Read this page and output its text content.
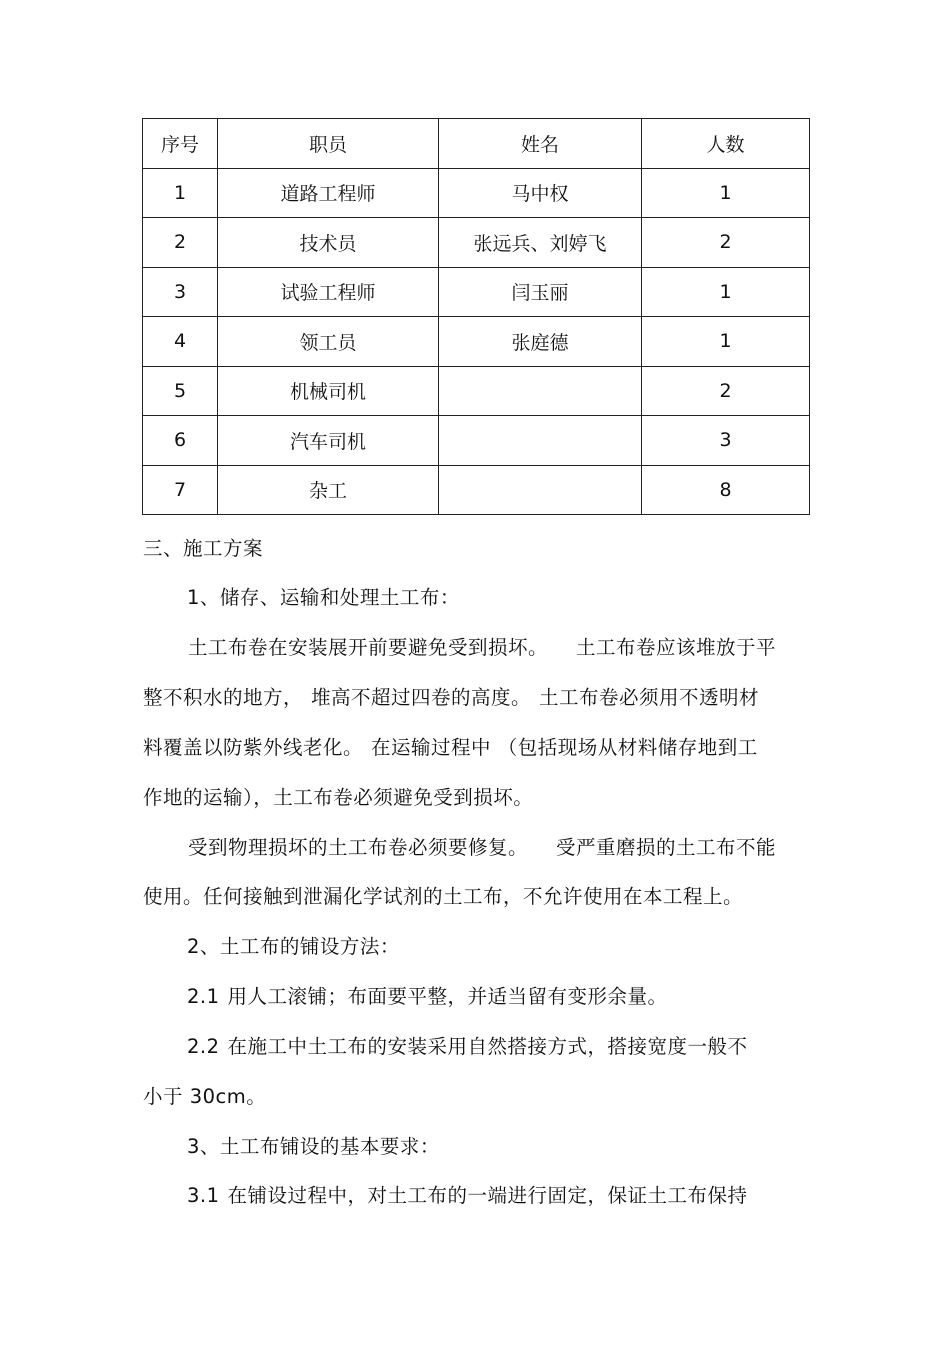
序号	职员	姓名	人数
1	道路工程师	马中权	1
2	技术员	张远兵、刘婷飞	2
3	试验工程师	闫玉丽	1
4	领工员	张庭德	1
5	机械司机		2
6	汽车司机		3
7	杂工		8
三、施工方案
1、储存、运输和处理土工布：
土工布卷在安装展开前要避免受到损坏。 土工布卷应该堆放于平
整不积水的地方， 堆高不超过四卷的高度。 土工布卷必须用不透明材
料覆盖以防紫外线老化。 在运输过程中 （包括现场从材料储存地到工
作地的运输），土工布卷必须避免受到损坏。
受到物理损坏的土工布卷必须要修复。 受严重磨损的土工布不能
使用。任何接触到泄漏化学试剂的土工布，不允许使用在本工程上。
2、土工布的铺设方法：
2.1 用人工滚铺；布面要平整，并适当留有变形余量。
2.2 在施工中土工布的安装采用自然搭接方式，搭接宽度一般不
小于 30cm。
3、土工布铺设的基本要求：
3.1 在铺设过程中，对土工布的一端进行固定，保证土工布保持
